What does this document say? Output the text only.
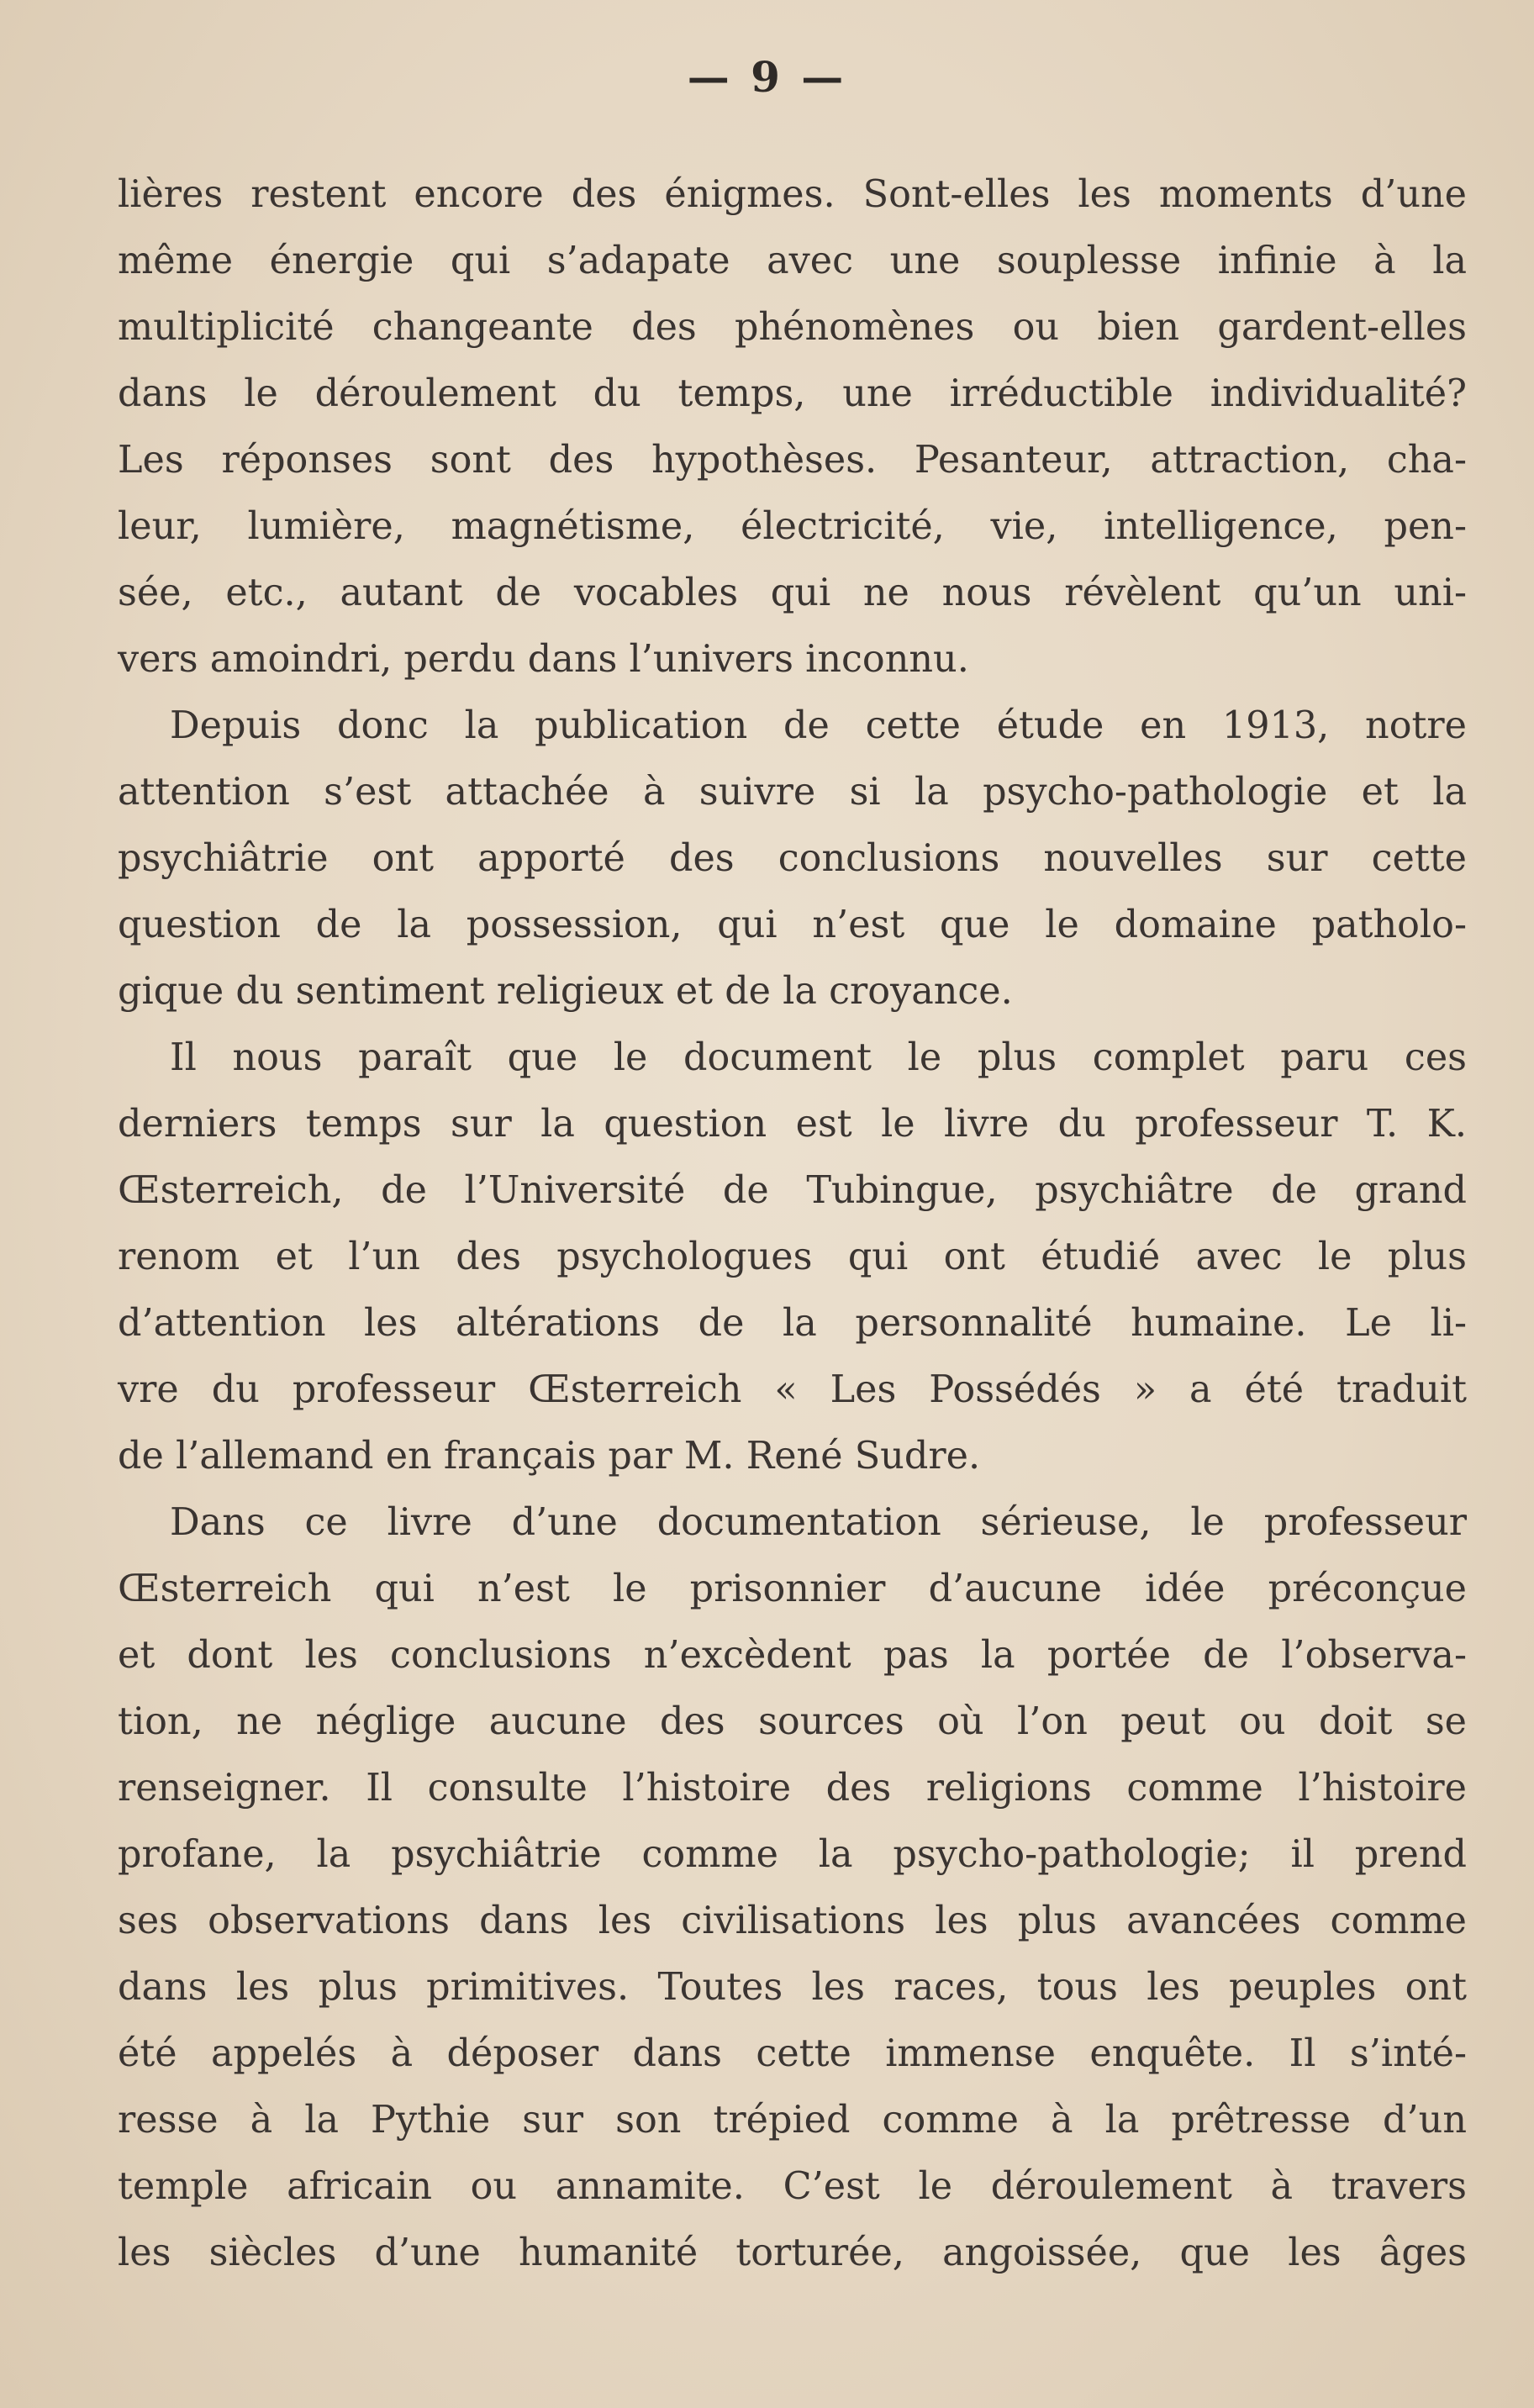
— 9 —
lières restent encore des énigmes. Sont-elles les moments d’une
même énergie qui s’adapate avec une souplesse infinie à la
multiplicité changeante des phénomènes ou bien gardent-elles
dans le déroulement du temps, une irréductible individualité?
Les réponses sont des hypothèses. Pesanteur, attraction, cha-
leur, lumière, magnétisme, électricité, vie, intelligence, pen-
sée, etc., autant de vocables qui ne nous révèlent qu’un uni-
vers amoindri, perdu dans l’univers inconnu.
Depuis donc la publication de cette étude en 1913, notre
attention s’est attachée à suivre si la psycho-pathologie et la
psychiâtrie ont apporté des conclusions nouvelles sur cette
question de la possession, qui n’est que le domaine patholo-
gique du sentiment religieux et de la croyance.
Il nous paraît que le document le plus complet paru ces
derniers temps sur la question est le livre du professeur T. K.
Œsterreich, de l’Université de Tubingue, psychiâtre de grand
renom et l’un des psychologues qui ont étudié avec le plus
d’attention les altérations de la personnalité humaine. Le li-
vre du professeur Œsterreich « Les Possédés » a été traduit
de l’allemand en français par M. René Sudre.
Dans ce livre d’une documentation sérieuse, le professeur
Œsterreich qui n’est le prisonnier d’aucune idée préconçue
et dont les conclusions n’excèdent pas la portée de l’observa-
tion, ne néglige aucune des sources où l’on peut ou doit se
renseigner. Il consulte l’histoire des religions comme l’histoire
profane, la psychiâtrie comme la psycho-pathologie; il prend
ses observations dans les civilisations les plus avancées comme
dans les plus primitives. Toutes les races, tous les peuples ont
été appelés à déposer dans cette immense enquête. Il s’inté-
resse à la Pythie sur son trépied comme à la prêtresse d’un
temple africain ou annamite. C’est le déroulement à travers
les siècles d’une humanité torturée, angoissée, que les âges
